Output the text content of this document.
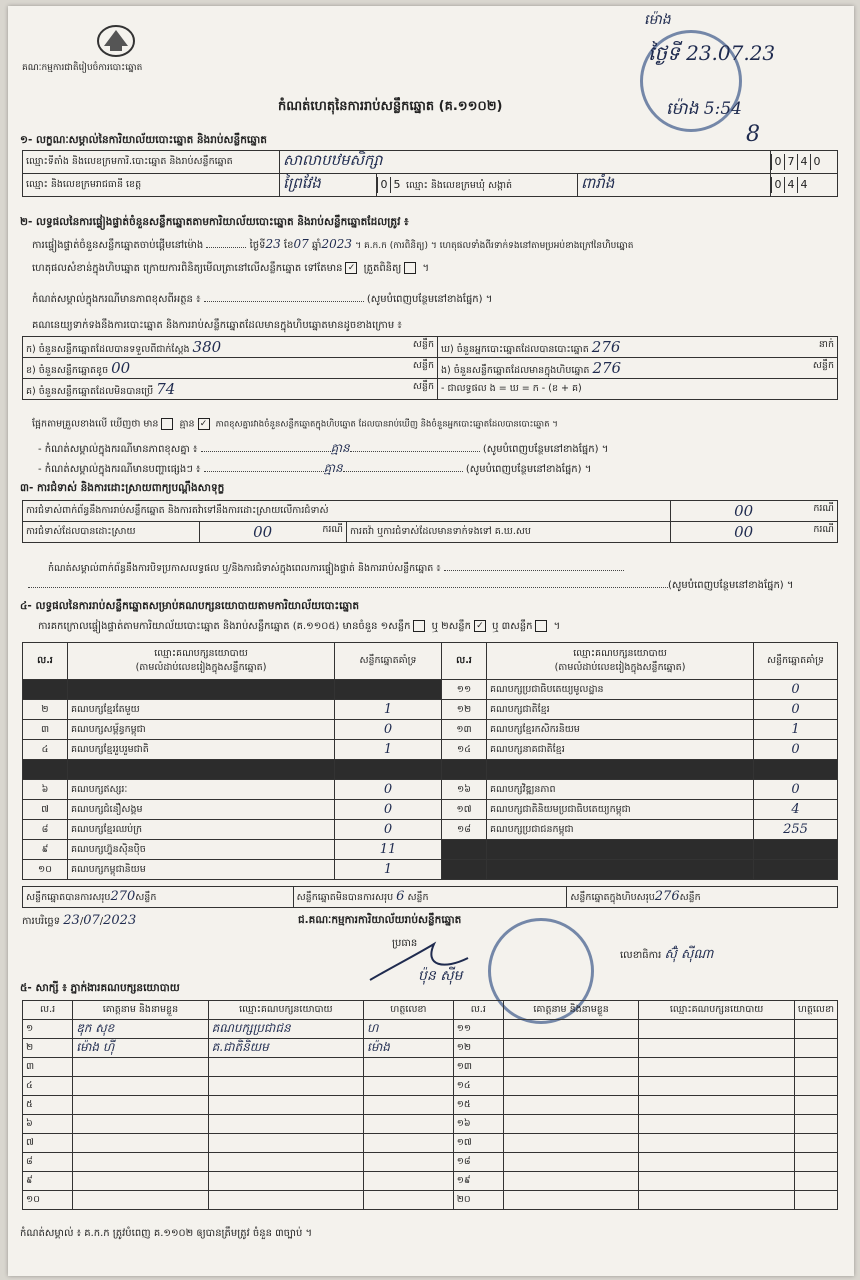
គណៈកម្មការជាតិរៀបចំការបោះឆ្នោត
ម៉ោង
ថ្ងៃទី 23.07.23
ម៉ោង 5:54
8
កំណត់ហេតុនៃការរាប់សន្លឹកឆ្នោត (គ.១១០២)
១- លក្ខណៈសម្គាល់នៃការិយាល័យបោះឆ្នោត និងរាប់សន្លឹកឆ្នោត
ឈ្មោះទីតាំង និងលេខក្រមការិ.បោះឆ្នោត និងរាប់សន្លឹកឆ្នោត	សាលាបឋមសិក្សា			0 7 4 0
ឈ្មោះ និងលេខក្រមរាជធានី ខេត្ត	ព្រៃវែង	0 5 ឈ្មោះ និងលេខក្រមឃុំ សង្កាត់	ពារាំង	0 4 4
២- លទ្ធផលនៃការផ្ទៀងផ្ទាត់ចំនួនសន្លឹកឆ្នោតតាមការិយាល័យបោះឆ្នោត និងរាប់សន្លឹកឆ្នោតដែលត្រូវ ៖
ការផ្ទៀងផ្ទាត់ចំនួនសន្លឹកឆ្នោតចាប់ផ្តើមនៅម៉ោង	ថ្ងៃទី23 ខែ07 ឆ្នាំ2023 ។ គ.ក.ក (ការពិនិត្យ) ។ ហេតុផលទាំងពីរទាក់ទងនៅតាមប្រអប់ខាងក្រៅនៃហិបឆ្នោត
ហេតុផលសំខាន់ក្នុងហិបឆ្នោត ក្រោយការពិនិត្យមើលត្រានៅលើសន្លឹកឆ្នោត ទៅតែមាន ✓ ត្រួតពិនិត្យ ។
កំណត់សម្គាល់ក្នុងករណីមានភាពខុសពីអត្ថន ៖	(សូមបំពេញបន្ថែមនៅខាងផ្នែក) ។
គណនេយ្យទាក់ទងនឹងការបោះឆ្នោត និងការរាប់សន្លឹកឆ្នោតដែលមានក្នុងហិបឆ្នោតមានដូចខាងក្រោម ៖
ក) ចំនួនសន្លឹកឆ្នោតដែលបានទទួលពីជាក់ស្តែង 380 សន្លឹក	ឃ) ចំនួនអ្នកបោះឆ្នោតដែលបានបោះឆ្នោត 276 នាក់

ខ) ចំនួនសន្លឹកឆ្នោតខូច 00 សន្លឹក	ង) ចំនួនសន្លឹកឆ្នោតដែលមានក្នុងហិបឆ្នោត 276 សន្លឹក

គ) ចំនួនសន្លឹកឆ្នោតដែលមិនបានប្រើ 74 សន្លឹក	- ជាលទ្ធផល ង = ឃ = ក - (ខ + គ)
ផ្អែកតាមគ្រួលខាងលើ ឃើញថា មាន គ្មាន ✓ ភាពខុសគ្នារវាងចំនួនសន្លឹកឆ្នោតក្នុងហិបឆ្នោត ដែលបានរាប់ឃើញ និងចំនួនអ្នកបោះឆ្នោតដែលបានបោះឆ្នោត ។
- កំណត់សម្គាល់ក្នុងករណីមានភាពខុសគ្នា ៖	គ្មាន	(សូមបំពេញបន្ថែមនៅខាងផ្នែក) ។
- កំណត់សម្គាល់ក្នុងករណីមានបញ្ហាផ្សេងៗ ៖	គ្មាន	(សូមបំពេញបន្ថែមនៅខាងផ្នែក) ។
៣- ការជំទាស់ និងការដោះស្រាយពាក្យបណ្តឹងសាទុក្ខ
ការជំទាស់ពាក់ព័ន្ធនឹងការរាប់សន្លឹកឆ្នោត និងការតវ៉ាទៅនឹងការដោះស្រាយលើការជំទាស់			00 ករណី

ការជំទាស់ដែលបានដោះស្រាយ	00 ករណី	ការតវ៉ា ឬការជំទាស់ដែលមានទាក់ទងទៅ គ.ឃ.សប	00 ករណី
កំណត់សម្គាល់ពាក់ព័ន្ធនឹងការបិទប្រកាសលទ្ធផល ឬ/និងការជំទាស់ក្នុងពេលការផ្ទៀងផ្ទាត់ និងការរាប់សន្លឹកឆ្នោត ៖
(សូមបំពេញបន្ថែមនៅខាងផ្នែក) ។
៤- លទ្ធផលនៃការរាប់សន្លឹកឆ្នោតសម្រាប់គណបក្សនយោបាយតាមការិយាល័យបោះឆ្នោត
ការគកក្រោលផ្ទៀងផ្ទាត់តាមការិយាល័យបោះឆ្នោត និងរាប់សន្លឹកឆ្នោត (គ.១១០៥) មានចំនួន ១សន្លឹក ឬ ២សន្លឹក ✓ ឬ ៣សន្លឹក ។
ល.រ	ឈ្មោះគណបក្សនយោបាយ
(តាមលំដាប់លេខរៀងក្នុងសន្លឹកឆ្នោត)	សន្លឹកឆ្នោតគាំទ្រ	ល.រ	ឈ្មោះគណបក្សនយោបាយ
(តាមលំដាប់លេខរៀងក្នុងសន្លឹកឆ្នោត)	សន្លឹកឆ្នោតគាំទ្រ
			១១	គណបក្សប្រជាធិបតេយ្យមូលដ្ឋាន	0
២	គណបក្សខ្មែរតែមួយ	1	១២	គណបក្សជាតិខ្មែរ	0
៣	គណបក្សសម្ព័ន្ធកម្ពុជា	0	១៣	គណបក្សខ្មែរកសិករនិយម	1
៤	គណបក្សខ្មែររួបរួមជាតិ	1	១៤	គណបក្សនាគជាតិខ្មែរ	0

៦	គណបក្សឥស្សរៈ	0	១៦	គណបក្សវិឌ្ឍនភាព	0
៧	គណបក្សជំនឿសង្គម	0	១៧	គណបក្សជាតិនិយមប្រជាធិបតេយ្យកម្ពុជា	4
៨	គណបក្សខ្មែរឈប់ក្រ	0	១៨	គណបក្សប្រជាជនកម្ពុជា	255
៩	គណបក្សហ្វ៊ុនស៊ិនប៉ិច	11			
១០	គណបក្សកម្ពុជានិយម	1			
សន្លឹកឆ្នោតបានការសរុប270សន្លឹក	សន្លឹកឆ្នោតមិនបានការសរុប 6 សន្លឹក	សន្លឹកឆ្នោតក្នុងហិបសរុប276សន្លឹក
ការបរិច្ឆេទ 23/07/2023	ជ.គណៈកម្មការការិយាល័យរាប់សន្លឹកឆ្នោត
ប្រធាន
ប៉ុន ស៊ីម
លេខាធិការ ស៊ុំ ស៊ីណា
៥- សាក្សី ៖ ភ្នាក់ងារគណបក្សនយោបាយ
ល.រ	គោត្តនាម និងនាមខ្លួន	ឈ្មោះគណបក្សនយោបាយ	ហត្ថលេខា	ល.រ	គោត្តនាម និងនាមខ្លួន	ឈ្មោះគណបក្សនយោបាយ	ហត្ថលេខា
១	ឌុក សុខ	គណបក្សប្រជាជន	ហ	១១			
២	ម៉ោង ហ៊ី	គ.ជាតិនិយម	ម៉ោង	១២			
៣				១៣			
៤				១៤			
៥				១៥			
៦				១៦			
៧				១៧			
៨				១៨			
៩				១៩			
១០				២០			
កំណត់សម្គាល់ ៖ គ.ក.ក ត្រូវបំពេញ គ.១១០២ ឲ្យបានត្រឹមត្រូវ ចំនួន ៣ច្បាប់ ។
